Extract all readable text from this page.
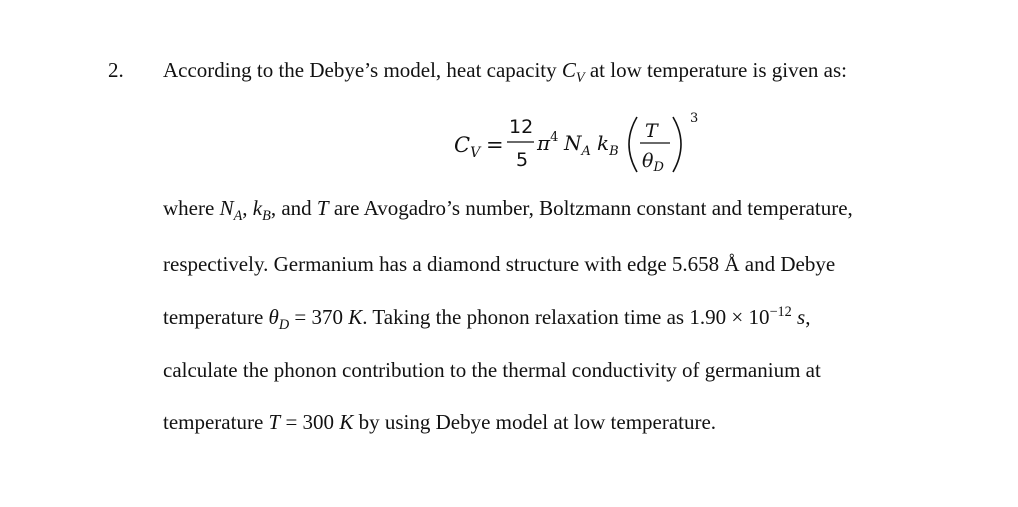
2. According to the Debye’s model, heat capacity $C_V$ at low temperature is given as:
$C_V$ =
12
5
$\pi^4$ $N_A$ $k_B$
T
$\theta_D$
3
where $N_A$, $k_B$, and T are Avogadro’s number, Boltzmann constant and temperature,
respectively. Germanium has a diamond structure with edge 5.658 Å and Debye
temperature $\theta_D = 370$ K. Taking the phonon relaxation time as $1.90 \times 10^{-12}$ s,
calculate the phonon contribution to the thermal conductivity of germanium at
temperature T = 300 K by using Debye model at low temperature.
